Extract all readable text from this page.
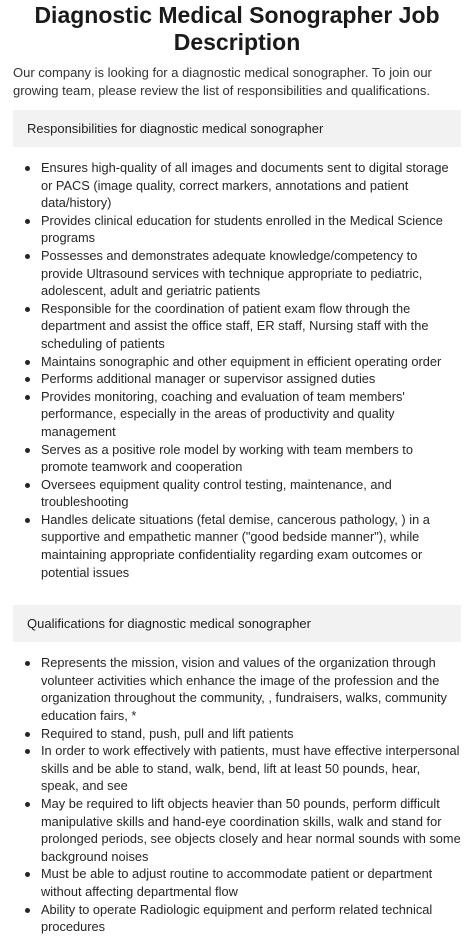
Diagnostic Medical Sonographer Job Description

Our company is looking for a diagnostic medical sonographer. To join our growing team, please review the list of responsibilities and qualifications.

Responsibilities for diagnostic medical sonographer
Ensures high-quality of all images and documents sent to digital storage or PACS (image quality, correct markers, annotations and patient data/history)
Provides clinical education for students enrolled in the Medical Science programs
Possesses and demonstrates adequate knowledge/competency to provide Ultrasound services with technique appropriate to pediatric, adolescent, adult and geriatric patients
Responsible for the coordination of patient exam flow through the department and assist the office staff, ER staff, Nursing staff with the scheduling of patients
Maintains sonographic and other equipment in efficient operating order
Performs additional manager or supervisor assigned duties
Provides monitoring, coaching and evaluation of team members' performance, especially in the areas of productivity and quality management
Serves as a positive role model by working with team members to promote teamwork and cooperation
Oversees equipment quality control testing, maintenance, and troubleshooting
Handles delicate situations (fetal demise, cancerous pathology, ) in a supportive and empathetic manner ("good bedside manner"), while maintaining appropriate confidentiality regarding exam outcomes or potential issues
Qualifications for diagnostic medical sonographer
Represents the mission, vision and values of the organization through volunteer activities which enhance the image of the profession and the organization throughout the community, , fundraisers, walks, community education fairs, *
Required to stand, push, pull and lift patients
In order to work effectively with patients, must have effective interpersonal skills and be able to stand, walk, bend, lift at least 50 pounds, hear, speak, and see
May be required to lift objects heavier than 50 pounds, perform difficult manipulative skills and hand-eye coordination skills, walk and stand for prolonged periods, see objects closely and hear normal sounds with some background noises
Must be able to adjust routine to accommodate patient or department without affecting departmental flow
Ability to operate Radiologic equipment and perform related technical procedures
